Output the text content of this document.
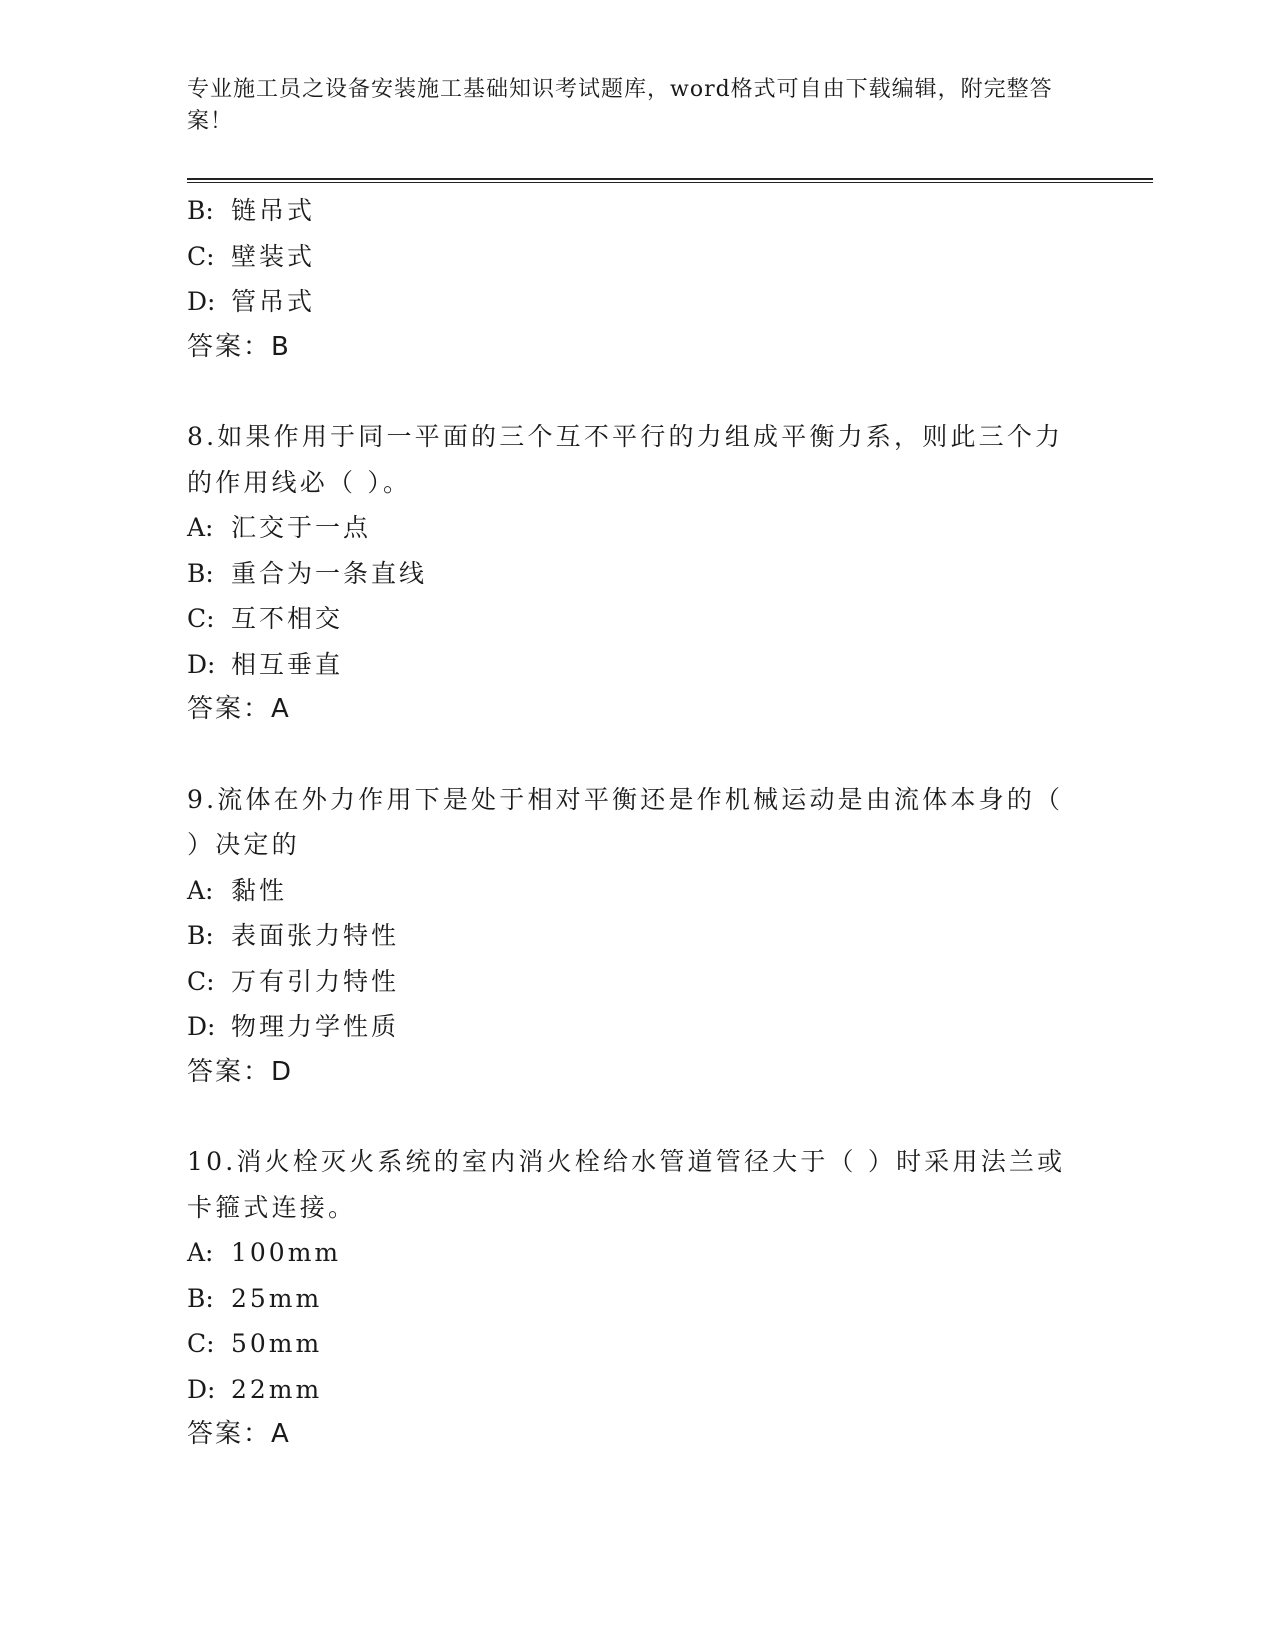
专业施工员之设备安装施工基础知识考试题库，word格式可自由下载编辑，附完整答案！
B: 链吊式
C: 壁装式
D: 管吊式
答案：B
8.如果作用于同一平面的三个互不平行的力组成平衡力系，则此三个力的作用线必（ ）。
A: 汇交于一点
B: 重合为一条直线
C: 互不相交
D: 相互垂直
答案：A
9.流体在外力作用下是处于相对平衡还是作机械运动是由流体本身的（ ）决定的
A: 黏性
B: 表面张力特性
C: 万有引力特性
D: 物理力学性质
答案：D
10.消火栓灭火系统的室内消火栓给水管道管径大于（ ）时采用法兰或卡箍式连接。
A: 100mm
B: 25mm
C: 50mm
D: 22mm
答案：A
